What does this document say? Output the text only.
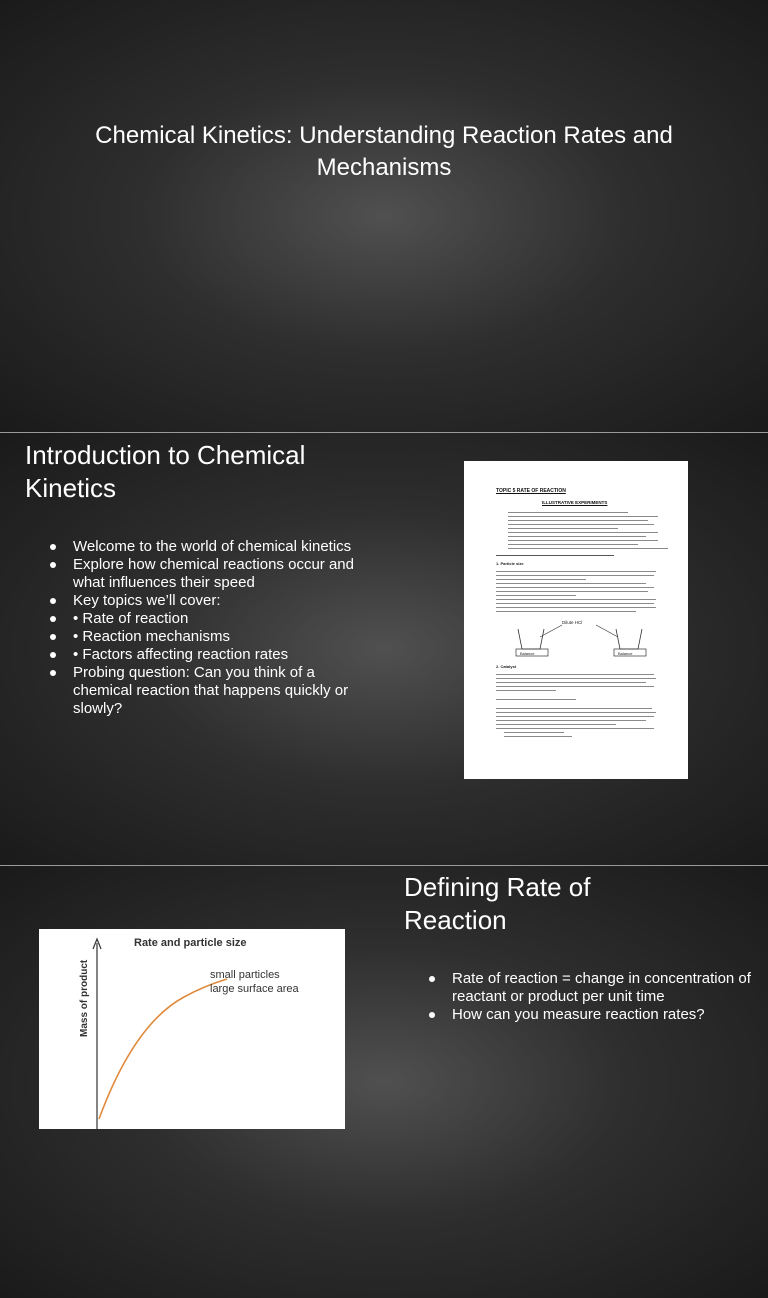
Chemical Kinetics: Understanding Reaction Rates and
Mechanisms
Introduction to Chemical
Kinetics
Welcome to the world of chemical kinetics
Explore how chemical reactions occur and what influences their speed
Key topics we’ll cover:
• Rate of reaction
• Reaction mechanisms
• Factors affecting reaction rates
Probing question: Can you think of a chemical reaction that happens quickly or slowly?
TOPIC 5 RATE OF REACTION
ILLUSTRATIVE EXPERIMENTS
1. Particle size
Dilute HCl
Balance	Balance
2. Catalyst
Defining Rate of
Reaction
Rate of reaction = change in concentration of reactant or product per unit time
How can you measure reaction rates?
Rate and particle size
Mass of product	small particles
large surface area
